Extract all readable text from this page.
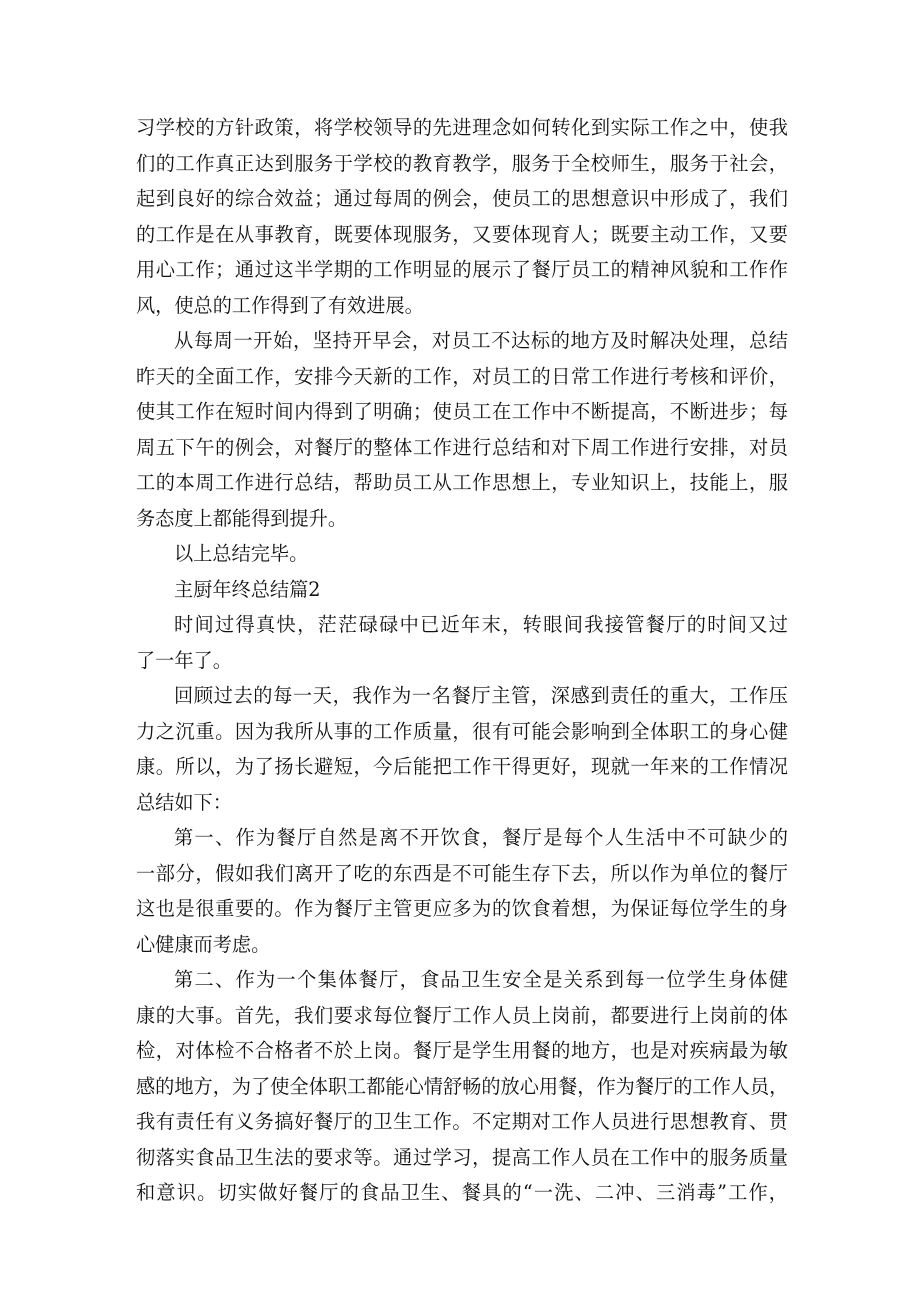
习学校的方针政策，将学校领导的先进理念如何转化到实际工作之中，使我
们的工作真正达到服务于学校的教育教学，服务于全校师生，服务于社会，
起到良好的综合效益；通过每周的例会，使员工的思想意识中形成了，我们
的工作是在从事教育，既要体现服务，又要体现育人；既要主动工作，又要
用心工作；通过这半学期的工作明显的展示了餐厅员工的精神风貌和工作作
风，使总的工作得到了有效进展。
从每周一开始，坚持开早会，对员工不达标的地方及时解决处理，总结
昨天的全面工作，安排今天新的工作，对员工的日常工作进行考核和评价，
使其工作在短时间内得到了明确；使员工在工作中不断提高，不断进步；每
周五下午的例会，对餐厅的整体工作进行总结和对下周工作进行安排，对员
工的本周工作进行总结，帮助员工从工作思想上，专业知识上，技能上，服
务态度上都能得到提升。
以上总结完毕。
主厨年终总结篇2
时间过得真快，茫茫碌碌中已近年末，转眼间我接管餐厅的时间又过
了一年了。
回顾过去的每一天，我作为一名餐厅主管，深感到责任的重大，工作压
力之沉重。因为我所从事的工作质量，很有可能会影响到全体职工的身心健
康。所以，为了扬长避短，今后能把工作干得更好，现就一年来的工作情况
总结如下：
第一、作为餐厅自然是离不开饮食，餐厅是每个人生活中不可缺少的
一部分，假如我们离开了吃的东西是不可能生存下去，所以作为单位的餐厅
这也是很重要的。作为餐厅主管更应多为的饮食着想，为保证每位学生的身
心健康而考虑。
第二、作为一个集体餐厅，食品卫生安全是关系到每一位学生身体健
康的大事。首先，我们要求每位餐厅工作人员上岗前，都要进行上岗前的体
检，对体检不合格者不於上岗。餐厅是学生用餐的地方，也是对疾病最为敏
感的地方，为了使全体职工都能心情舒畅的放心用餐，作为餐厅的工作人员，
我有责任有义务搞好餐厅的卫生工作。不定期对工作人员进行思想教育、贯
彻落实食品卫生法的要求等。通过学习，提高工作人员在工作中的服务质量
和意识。切实做好餐厅的食品卫生、餐具的“一洗、二冲、三消毒”工作，
